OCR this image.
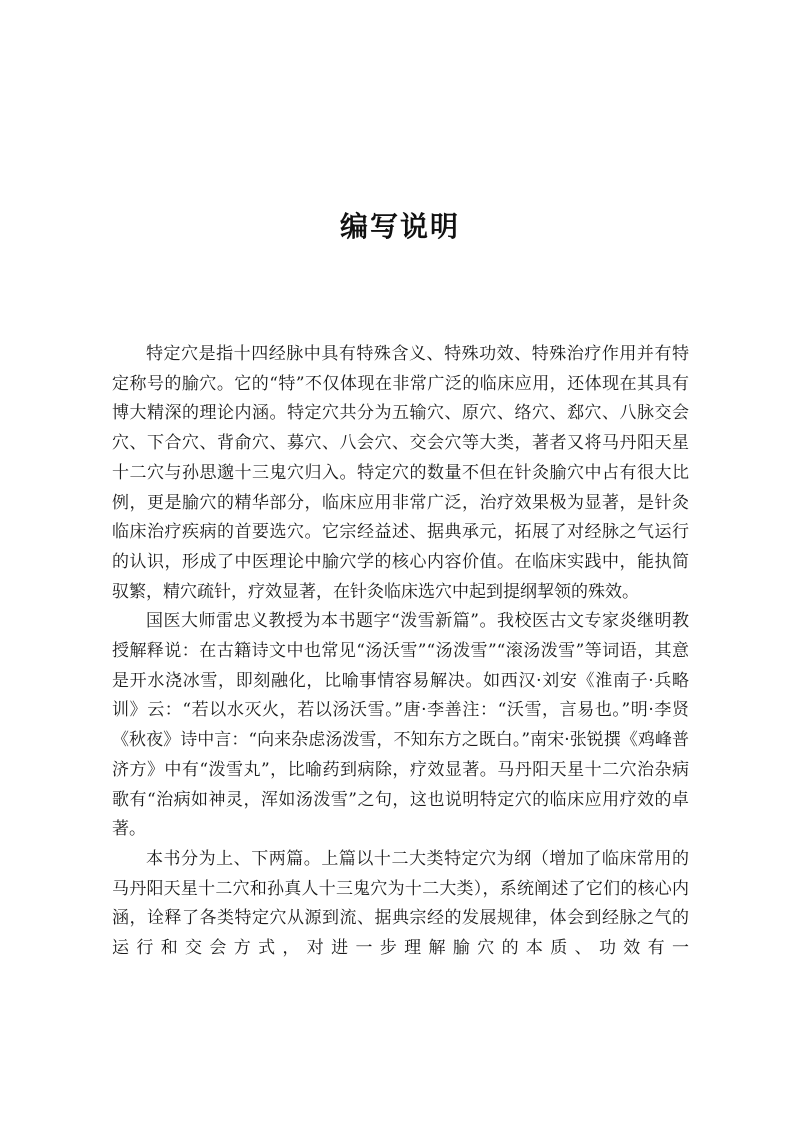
编写说明

特定穴是指十四经脉中具有特殊含义、特殊功效、特殊治疗作用并有特定称号的腧穴。它的“特”不仅体现在非常广泛的临床应用，还体现在其具有博大精深的理论内涵。特定穴共分为五输穴、原穴、络穴、郄穴、八脉交会穴、下合穴、背俞穴、募穴、八会穴、交会穴等大类，著者又将马丹阳天星十二穴与孙思邈十三鬼穴归入。特定穴的数量不但在针灸腧穴中占有很大比例，更是腧穴的精华部分，临床应用非常广泛，治疗效果极为显著，是针灸临床治疗疾病的首要选穴。它宗经益述、据典承元，拓展了对经脉之气运行的认识，形成了中医理论中腧穴学的核心内容价值。在临床实践中，能执简驭繁，精穴疏针，疗效显著，在针灸临床选穴中起到提纲挈领的殊效。

国医大师雷忠义教授为本书题字“泼雪新篇”。我校医古文专家炎继明教授解释说：在古籍诗文中也常见“汤沃雪”“汤泼雪”“滚汤泼雪”等词语，其意是开水浇冰雪，即刻融化，比喻事情容易解决。如西汉·刘安《淮南子·兵略训》云：“若以水灭火，若以汤沃雪。”唐·李善注：“沃雪，言易也。”明·李贤《秋夜》诗中言：“向来杂虑汤泼雪，不知东方之既白。”南宋·张锐撰《鸡峰普济方》中有“泼雪丸”，比喻药到病除，疗效显著。马丹阳天星十二穴治杂病歌有“治病如神灵，浑如汤泼雪”之句，这也说明特定穴的临床应用疗效的卓著。

本书分为上、下两篇。上篇以十二大类特定穴为纲（增加了临床常用的马丹阳天星十二穴和孙真人十三鬼穴为十二大类），系统阐述了它们的核心内涵，诠释了各类特定穴从源到流、据典宗经的发展规律，体会到经脉之气的运行和交会方式，对进一步理解腧穴的本质、功效有一
